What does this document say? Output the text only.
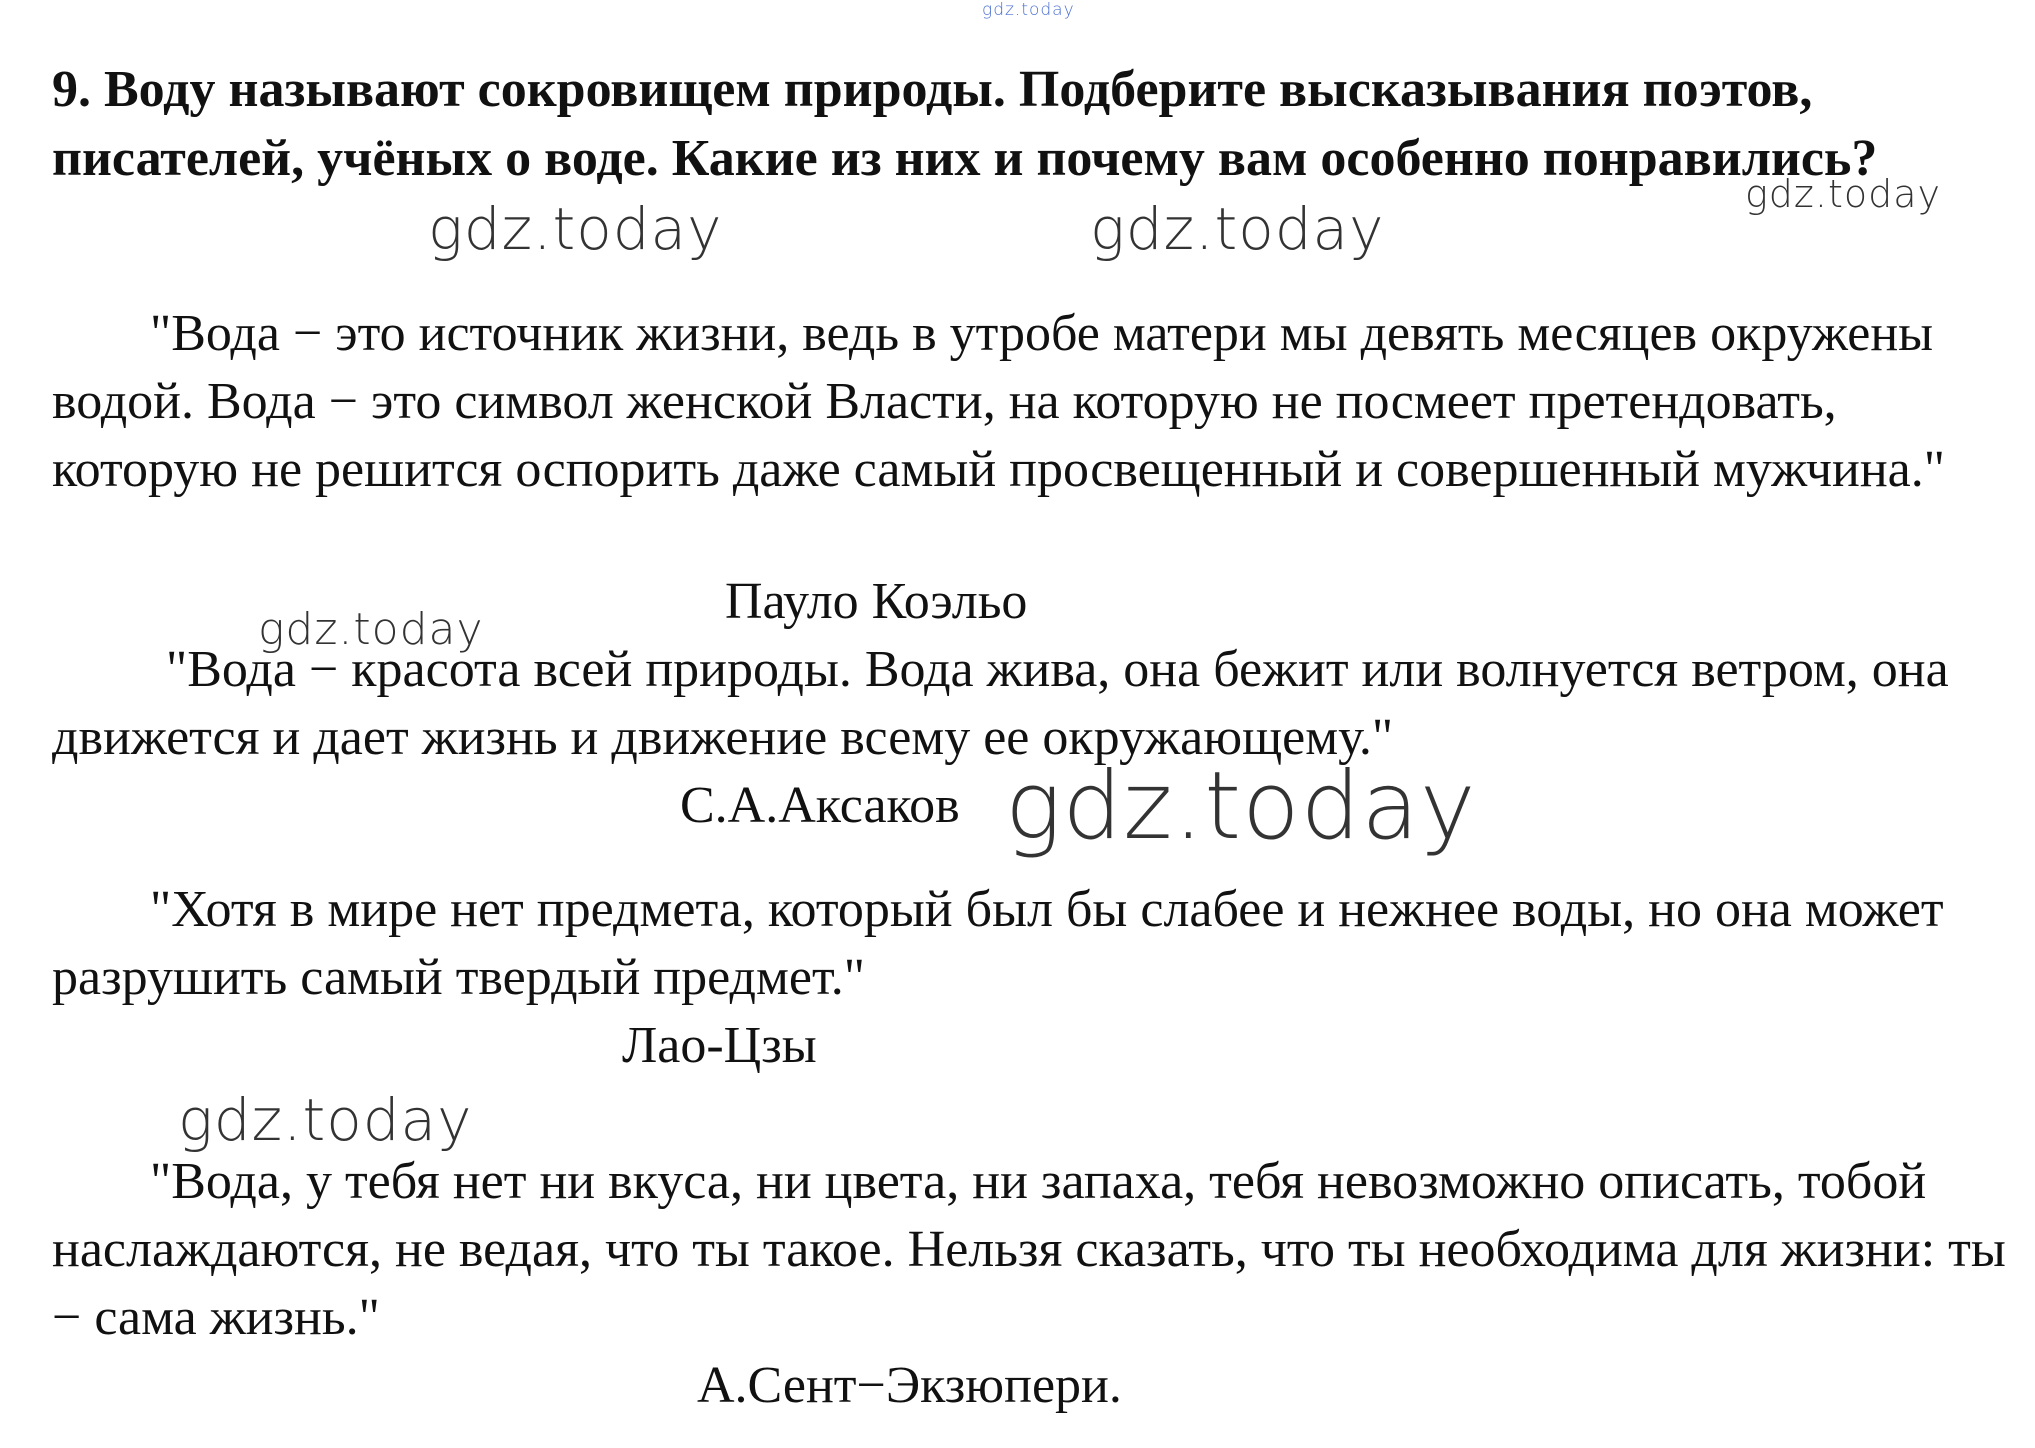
9. Воду называют сокровищем природы. Подберите высказывания поэтов, писателей, учёных о воде. Какие из них и почему вам особенно понравились?

"Вода − это источник жизни, ведь в утробе матери мы девять месяцев окружены водой. Вода − это символ женской Власти, на которую не посмеет претендовать, которую не решится оспорить даже самый просвещенный и совершенный мужчина."

Пауло Коэльо

"Вода − красота всей природы. Вода жива, она бежит или волнуется ветром, она движется и дает жизнь и движение всему ее окружающему."

С.А.Аксаков

"Хотя в мире нет предмета, который был бы слабее и нежнее воды, но она может разрушить самый твердый предмет."

Лао-Цзы

"Вода, у тебя нет ни вкуса, ни цвета, ни запаха, тебя невозможно описать, тобой наслаждаются, не ведая, что ты такое. Нельзя сказать, что ты необходима для жизни: ты − сама жизнь."

А.Сент−Экзюпери.

gdz.today
gdz.today
gdz.today	gdz.today
gdz.today
gdz.today
gdz.today
